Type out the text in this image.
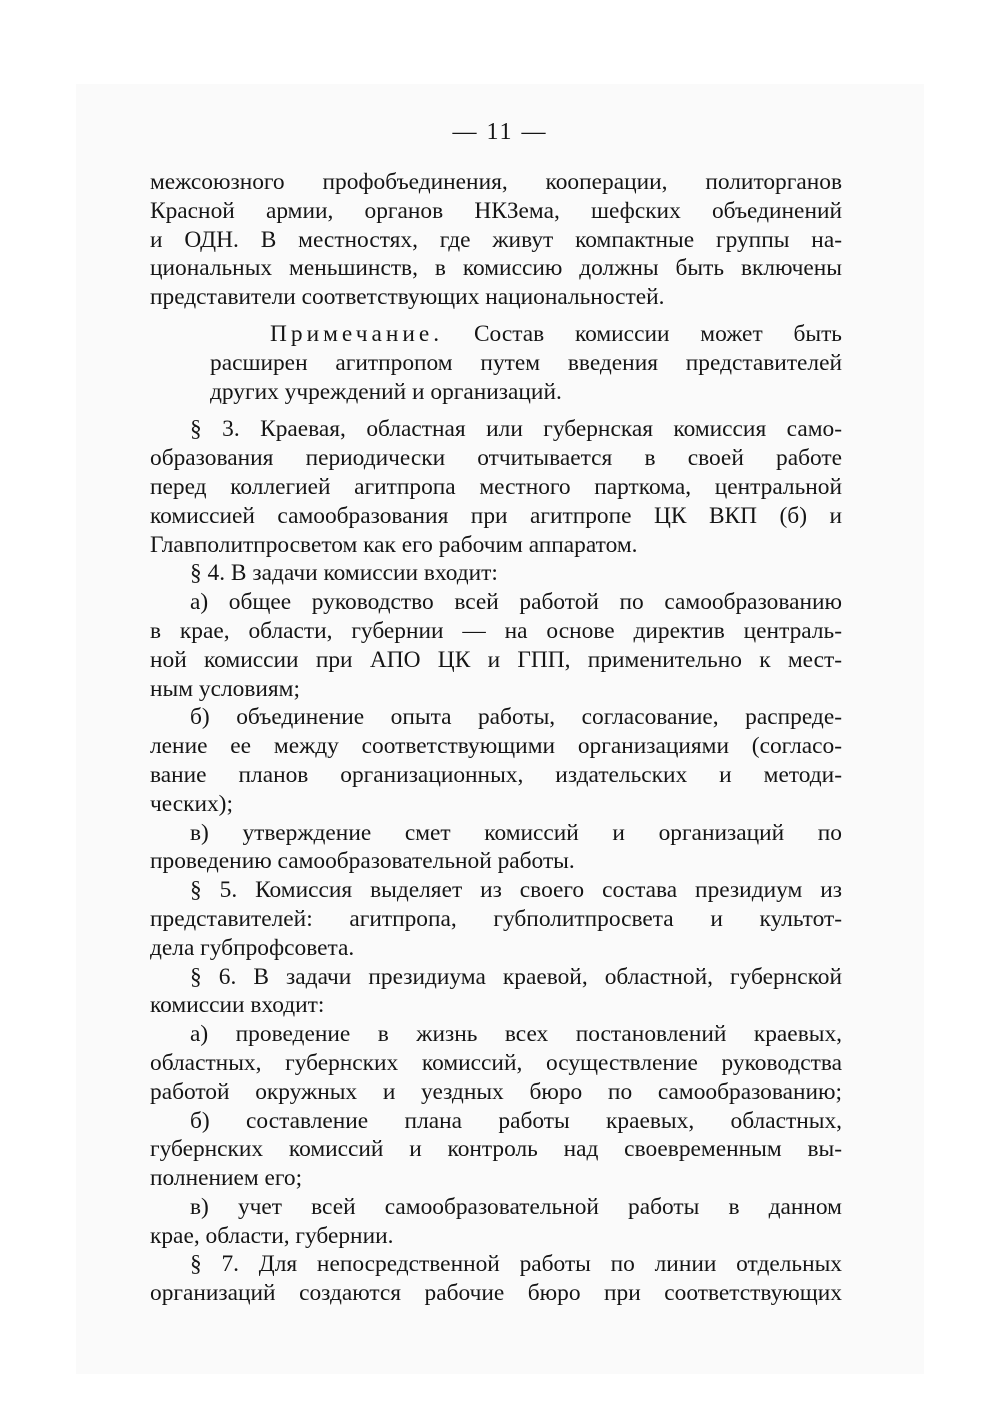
— 11 —
межсоюзного профобъединения, кооперации, политорганов
Красной армии, органов НКЗема, шефских объединений
и ОДН. В местностях, где живут компактные группы на-
циональных меньшинств, в комиссию должны быть включены
представители соответствующих национальностей.
Примечание. Состав комиссии может быть
расширен агитпропом путем введения представителей
других учреждений и организаций.
§ 3. Краевая, областная или губернская комиссия само-
образования периодически отчитывается в своей работе
перед коллегией агитпропа местного парткома, центральной
комиссией самообразования при агитпропе ЦК ВКП (б) и
Главполитпросветом как его рабочим аппаратом.
§ 4. В задачи комиссии входит:
а) общее руководство всей работой по самообразованию
в крае, области, губернии — на основе директив централь-
ной комиссии при АПО ЦК и ГПП, применительно к мест-
ным условиям;
б) объединение опыта работы, согласование, распреде-
ление ее между соответствующими организациями (согласо-
вание планов организационных, издательских и методи-
ческих);
в) утверждение смет комиссий и организаций по
проведению самообразовательной работы.
§ 5. Комиссия выделяет из своего состава президиум из
представителей: агитпропа, губполитпросвета и культот-
дела губпрофсовета.
§ 6. В задачи президиума краевой, областной, губернской
комиссии входит:
а) проведение в жизнь всех постановлений краевых,
областных, губернских комиссий, осуществление руководства
работой окружных и уездных бюро по самообразованию;
б) составление плана работы краевых, областных,
губернских комиссий и контроль над своевременным вы-
полнением его;
в) учет всей самообразовательной работы в данном
крае, области, губернии.
§ 7. Для непосредственной работы по линии отдельных
организаций создаются рабочие бюро при соответствующих
